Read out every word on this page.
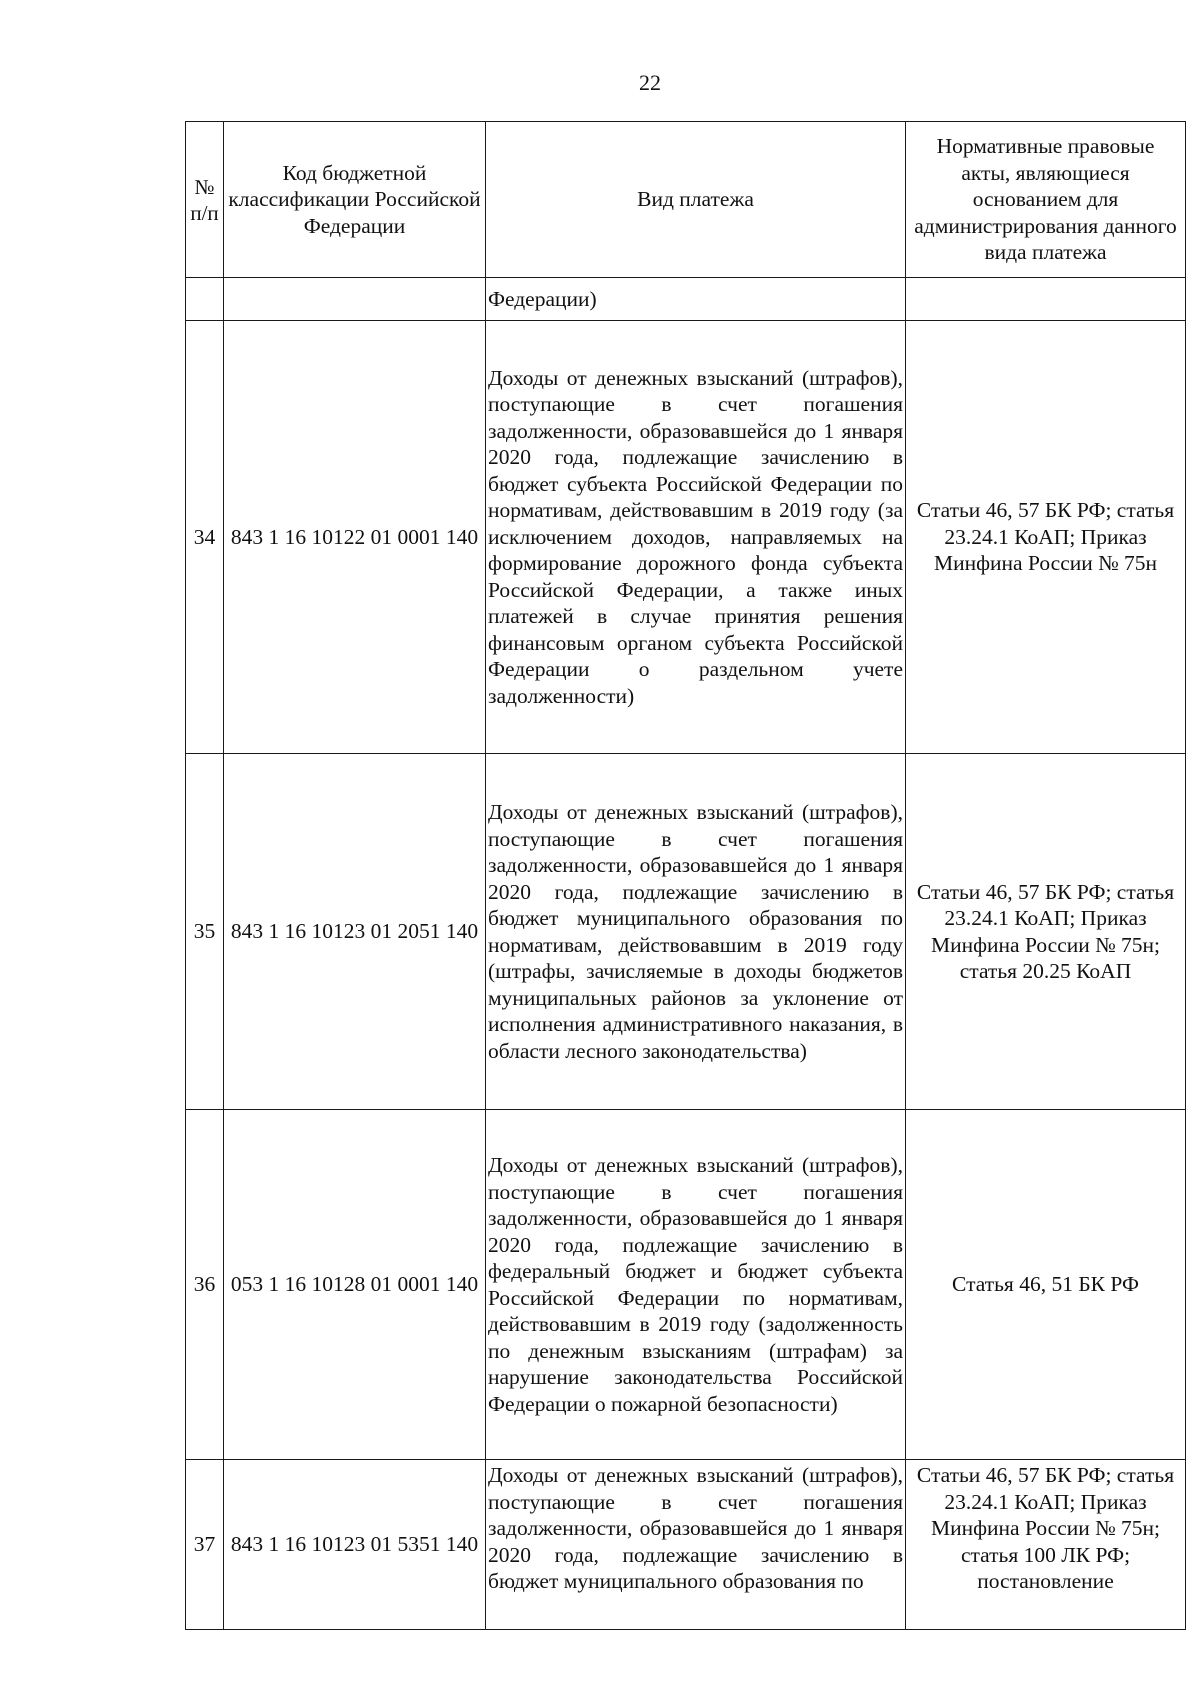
22
№ п/п	Код бюджетной классификации Российской Федерации	Вид платежа	Нормативные правовые акты, являющиеся основанием для администрирования данного вида платежа

		Федерации)	
34	843 1 16 10122 01 0001 140	Доходы от денежных взысканий (штрафов), поступающие в счет погашения задолженности, образовавшейся до 1 января 2020 года, подлежащие зачислению в бюджет субъекта Российской Федерации по нормативам, действовавшим в 2019 году (за исключением доходов, направляемых на формирование дорожного фонда субъекта Российской Федерации, а также иных платежей в случае принятия решения финансовым органом субъекта Российской Федерации о раздельном учете задолженности)	Статьи 46, 57 БК РФ; статья 23.24.1 КоАП; Приказ Минфина России № 75н
35	843 1 16 10123 01 2051 140	Доходы от денежных взысканий (штрафов), поступающие в счет погашения задолженности, образовавшейся до 1 января 2020 года, подлежащие зачислению в бюджет муниципального образования по нормативам, действовавшим в 2019 году (штрафы, зачисляемые в доходы бюджетов муниципальных районов за уклонение от исполнения административного наказания, в области лесного законодательства)	Статьи 46, 57 БК РФ; статья 23.24.1 КоАП; Приказ Минфина России № 75н; статья 20.25 КоАП
36	053 1 16 10128 01 0001 140	Доходы от денежных взысканий (штрафов), поступающие в счет погашения задолженности, образовавшейся до 1 января 2020 года, подлежащие зачислению в федеральный бюджет и бюджет субъекта Российской Федерации по нормативам, действовавшим в 2019 году (задолженность по денежным взысканиям (штрафам) за нарушение законодательства Российской Федерации о пожарной безопасности)	Статья 46, 51 БК РФ
37	843 1 16 10123 01 5351 140	Доходы от денежных взысканий (штрафов), поступающие в счет погашения задолженности, образовавшейся до 1 января 2020 года, подлежащие зачислению в бюджет муниципального образования по	Статьи 46, 57 БК РФ; статья 23.24.1 КоАП; Приказ Минфина России № 75н; статья 100 ЛК РФ; постановление
